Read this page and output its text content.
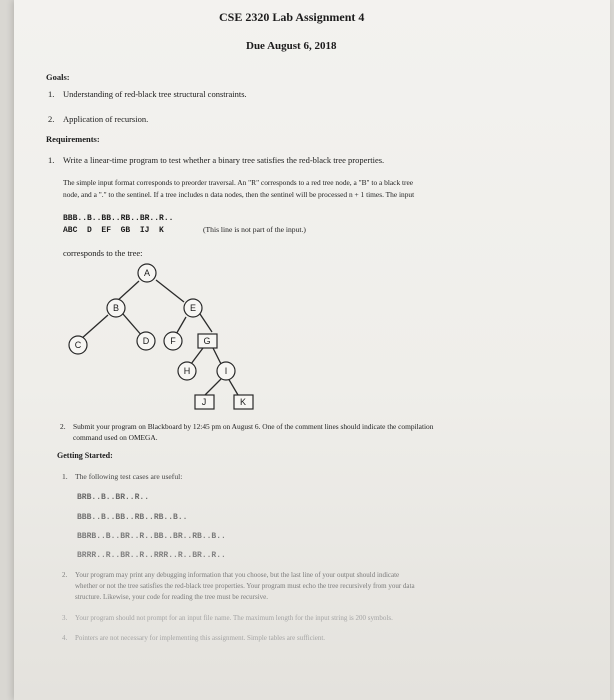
CSE 2320 Lab Assignment 4
Due August 6, 2018
Goals:
1. Understanding of red-black tree structural constraints.
2. Application of recursion.
Requirements:
1. Write a linear-time program to test whether a binary tree satisfies the red-black tree properties.
The simple input format corresponds to preorder traversal. An "R" corresponds to a red tree node, a "B" to a black tree
node, and a "." to the sentinel. If a tree includes n data nodes, then the sentinel will be processed n + 1 times. The input
BBB..B..BB..RB..BR..R..
ABC  D  EF  GB  IJ  K	(This line is not part of the input.)
corresponds to the tree:
A
B
C	D
E
F	G
H	I
J	K
2. Submit your program on Blackboard by 12:45 pm on August 6. One of the comment lines should indicate the compilation
command used on OMEGA.
Getting Started:
1. The following test cases are useful:
BRB..B..BR..R..
BBB..B..BB..RB..RB..B..
BBRB..B..BR..R..BB..BR..RB..B..
BRRR..R..BR..R..RRR..R..BR..R..
2. Your program may print any debugging information that you choose, but the last line of your output should indicate
whether or not the tree satisfies the red-black tree properties. Your program must echo the tree recursively from your data
structure. Likewise, your code for reading the tree must be recursive.
3. Your program should not prompt for an input file name. The maximum length for the input string is 200 symbols.
4. Pointers are not necessary for implementing this assignment. Simple tables are sufficient.
